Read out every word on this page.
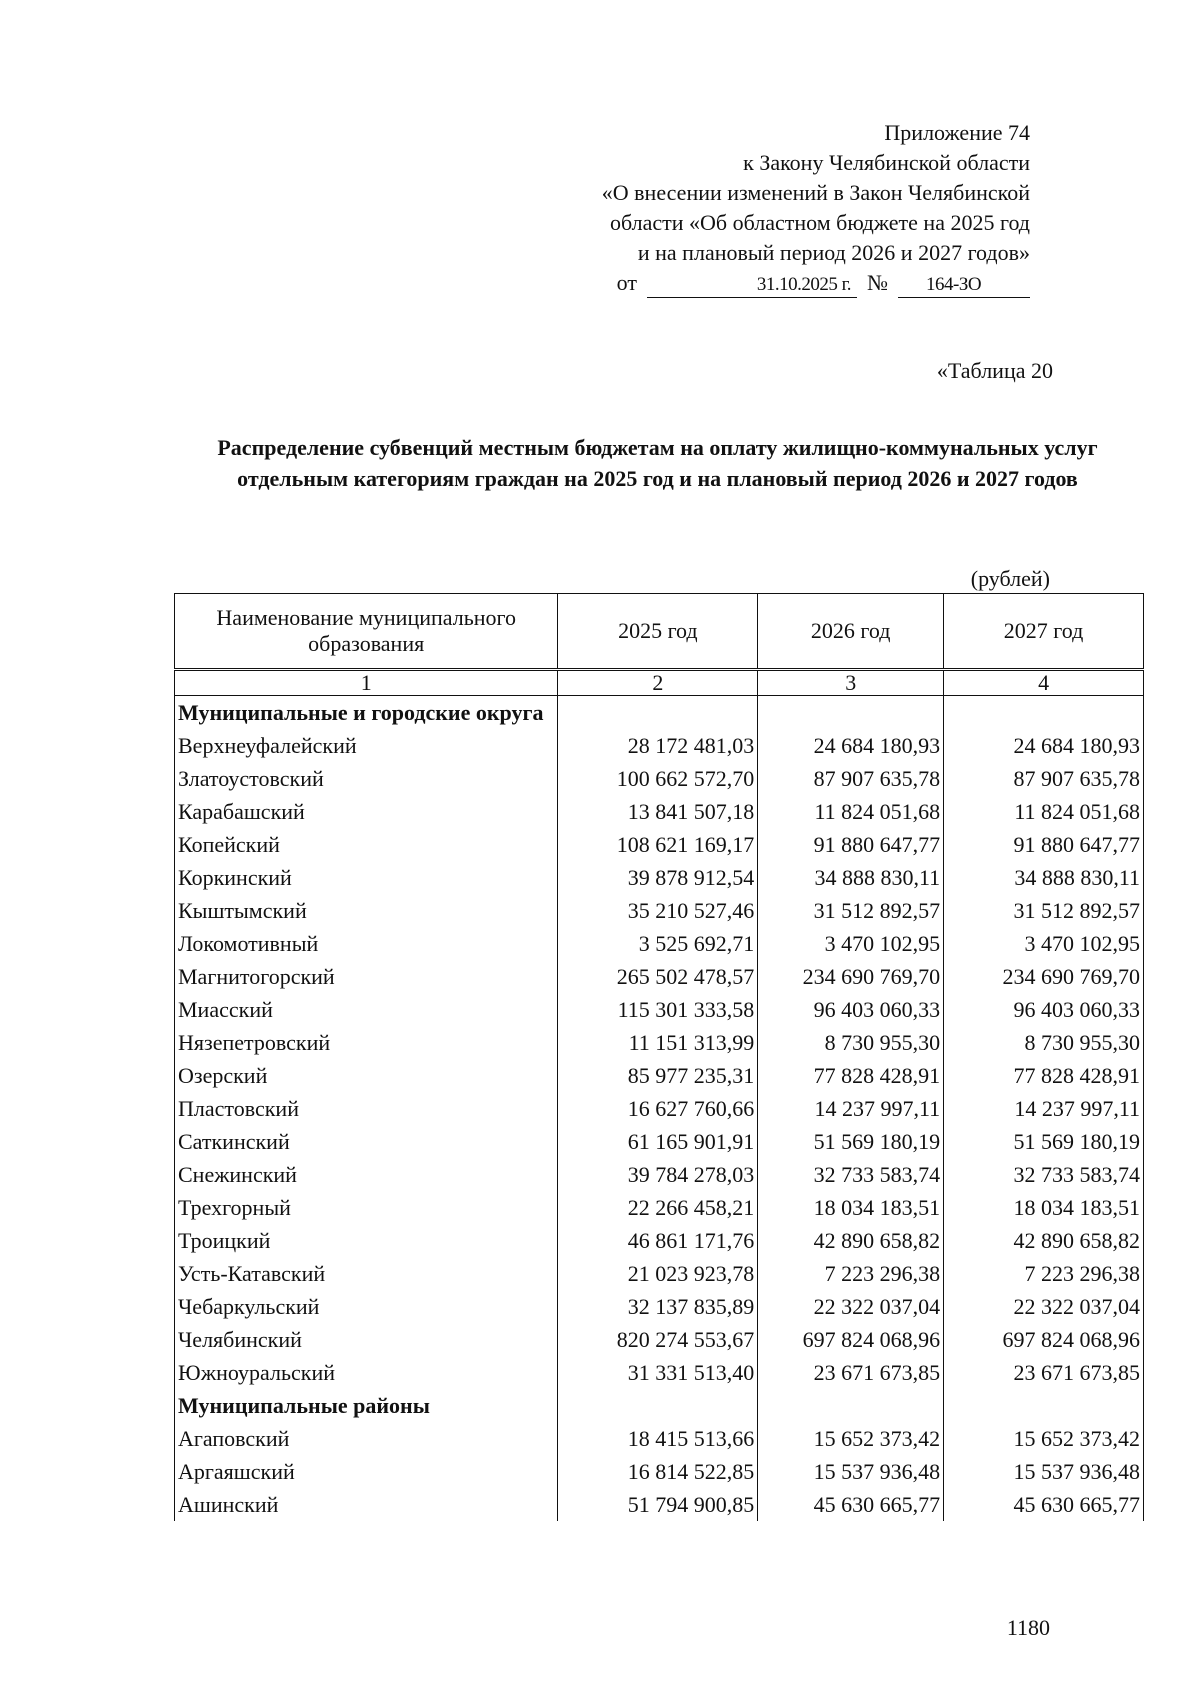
Приложение 74
к Закону Челябинской области
«О внесении изменений в Закон Челябинской
области «Об областном бюджете на 2025 год
и на плановый период 2026 и 2027 годов»
от	31.10.2025 г. №	164-ЗО
«Таблица 20
Распределение субвенций местным бюджетам на оплату жилищно-коммунальных услуг отдельным категориям граждан на 2025 год и на плановый период 2026 и 2027 годов
(рублей)
Наименование муниципального образования	2025 год	2026 год	2027 год
1	2	3	4
Муниципальные и городские округа			
Верхнеуфалейский	28 172 481,03	24 684 180,93	24 684 180,93
Златоустовский	100 662 572,70	87 907 635,78	87 907 635,78
Карабашский	13 841 507,18	11 824 051,68	11 824 051,68
Копейский	108 621 169,17	91 880 647,77	91 880 647,77
Коркинский	39 878 912,54	34 888 830,11	34 888 830,11
Кыштымский	35 210 527,46	31 512 892,57	31 512 892,57
Локомотивный	3 525 692,71	3 470 102,95	3 470 102,95
Магнитогорский	265 502 478,57	234 690 769,70	234 690 769,70
Миасский	115 301 333,58	96 403 060,33	96 403 060,33
Нязепетровский	11 151 313,99	8 730 955,30	8 730 955,30
Озерский	85 977 235,31	77 828 428,91	77 828 428,91
Пластовский	16 627 760,66	14 237 997,11	14 237 997,11
Саткинский	61 165 901,91	51 569 180,19	51 569 180,19
Снежинский	39 784 278,03	32 733 583,74	32 733 583,74
Трехгорный	22 266 458,21	18 034 183,51	18 034 183,51
Троицкий	46 861 171,76	42 890 658,82	42 890 658,82
Усть-Катавский	21 023 923,78	7 223 296,38	7 223 296,38
Чебаркульский	32 137 835,89	22 322 037,04	22 322 037,04
Челябинский	820 274 553,67	697 824 068,96	697 824 068,96
Южноуральский	31 331 513,40	23 671 673,85	23 671 673,85
Муниципальные районы			
Агаповский	18 415 513,66	15 652 373,42	15 652 373,42
Аргаяшский	16 814 522,85	15 537 936,48	15 537 936,48
Ашинский	51 794 900,85	45 630 665,77	45 630 665,77
1180
